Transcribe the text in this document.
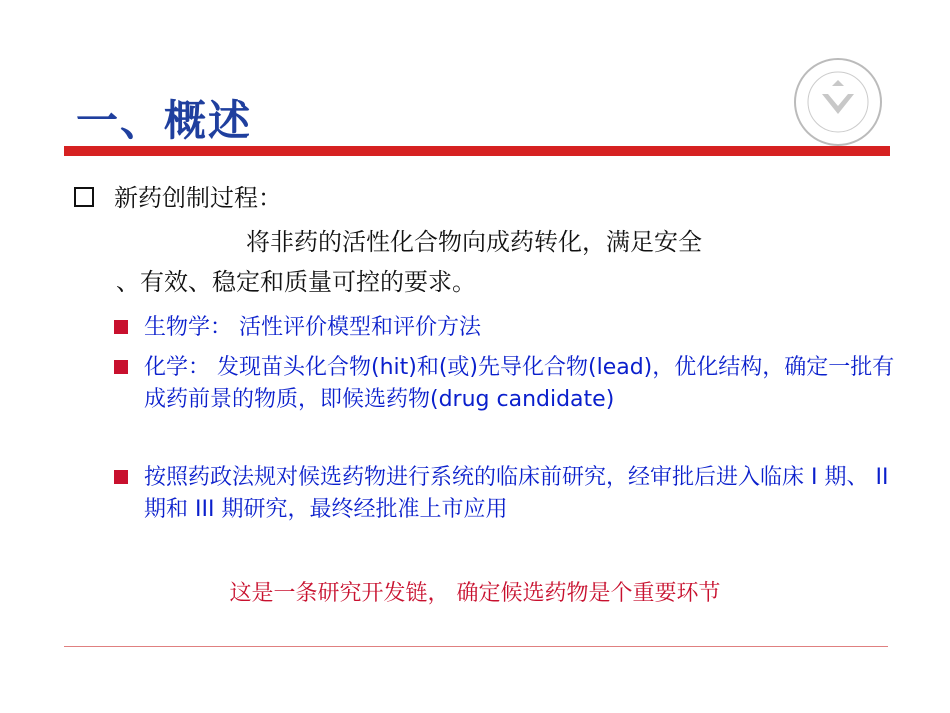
一、概述
新药创制过程：
将非药的活性化合物向成药转化，满足安全
、有效、稳定和质量可控的要求。
生物学： 活性评价模型和评价方法
化学： 发现苗头化合物(hit)和(或)先导化合物(lead)，优化结构，确定一批有成药前景的物质，即候选药物(drug candidate)
按照药政法规对候选药物进行系统的临床前研究，经审批后进入临床 I 期、 II 期和 III 期研究，最终经批准上市应用
这是一条研究开发链， 确定候选药物是个重要环节
